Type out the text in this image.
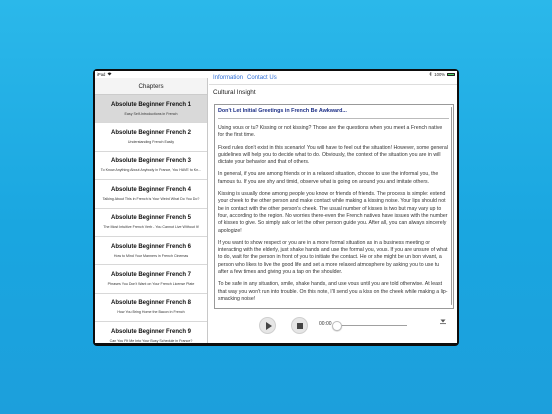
iPad	100%
Chapters
Absolute Beginner French 1
Easy Self-Introductions in French
Absolute Beginner French 2
Understanding French Easily
Absolute Beginner French 3
To Know Anything About Anybody in France, You HAVE to Kn...
Absolute Beginner French 4
Talking About This in French is Your Weird What Do You Do?
Absolute Beginner French 5
The Most Intuitive French Verb - You Cannot Live Without It!
Absolute Beginner French 6
How to Mind Your Manners in French Cinemas
Absolute Beginner French 7
Phrases You Don't Want on Your French License Plate
Absolute Beginner French 8
How You Bring Home the Bacon in French
Absolute Beginner French 9
Can You Fit Me Into Your Busy Schedule in France?
Information Contact Us
Cultural Insight
Don't Let Initial Greetings in French Be Awkward...
Using vous or tu? Kissing or not kissing? Those are the questions when you meet a French native for the first time.
Fixed rules don't exist in this scenario! You will have to feel out the situation! However, some general guidelines will help you to decide what to do. Obviously, the context of the situation you are in will dictate your behavior and that of others.
In general, if you are among friends or in a relaxed situation, choose to use the informal you, the famous tu. If you are shy and timid, observe what is going on around you and imitate others.
Kissing is usually done among people you know or friends of friends. The process is simple: extend your cheek to the other person and make contact while making a kissing noise. Your lips should not be in contact with the other person's cheek. The usual number of kisses is two but may vary up to four, according to the region. No worries there-even the French natives have issues with the number of kisses to give. So simply ask or let the other person guide you. After all, you can always sincerely apologize!
If you want to show respect or you are in a more formal situation as in a business meeting or interacting with the elderly, just shake hands and use the formal you, vous. If you are unsure of what to do, wait for the person in front of you to initiate the contact. He or she might be un bon vivant, a person who likes to live the good life and set a more relaxed atmosphere by asking you to use tu after a few times and giving you a tap on the shoulder.
To be safe in any situation, smile, shake hands, and use vous until you are told otherwise. At least that way you won't run into trouble. On this note, I'll send you a kiss on the cheek while making a lip-smacking noise!
00:00
